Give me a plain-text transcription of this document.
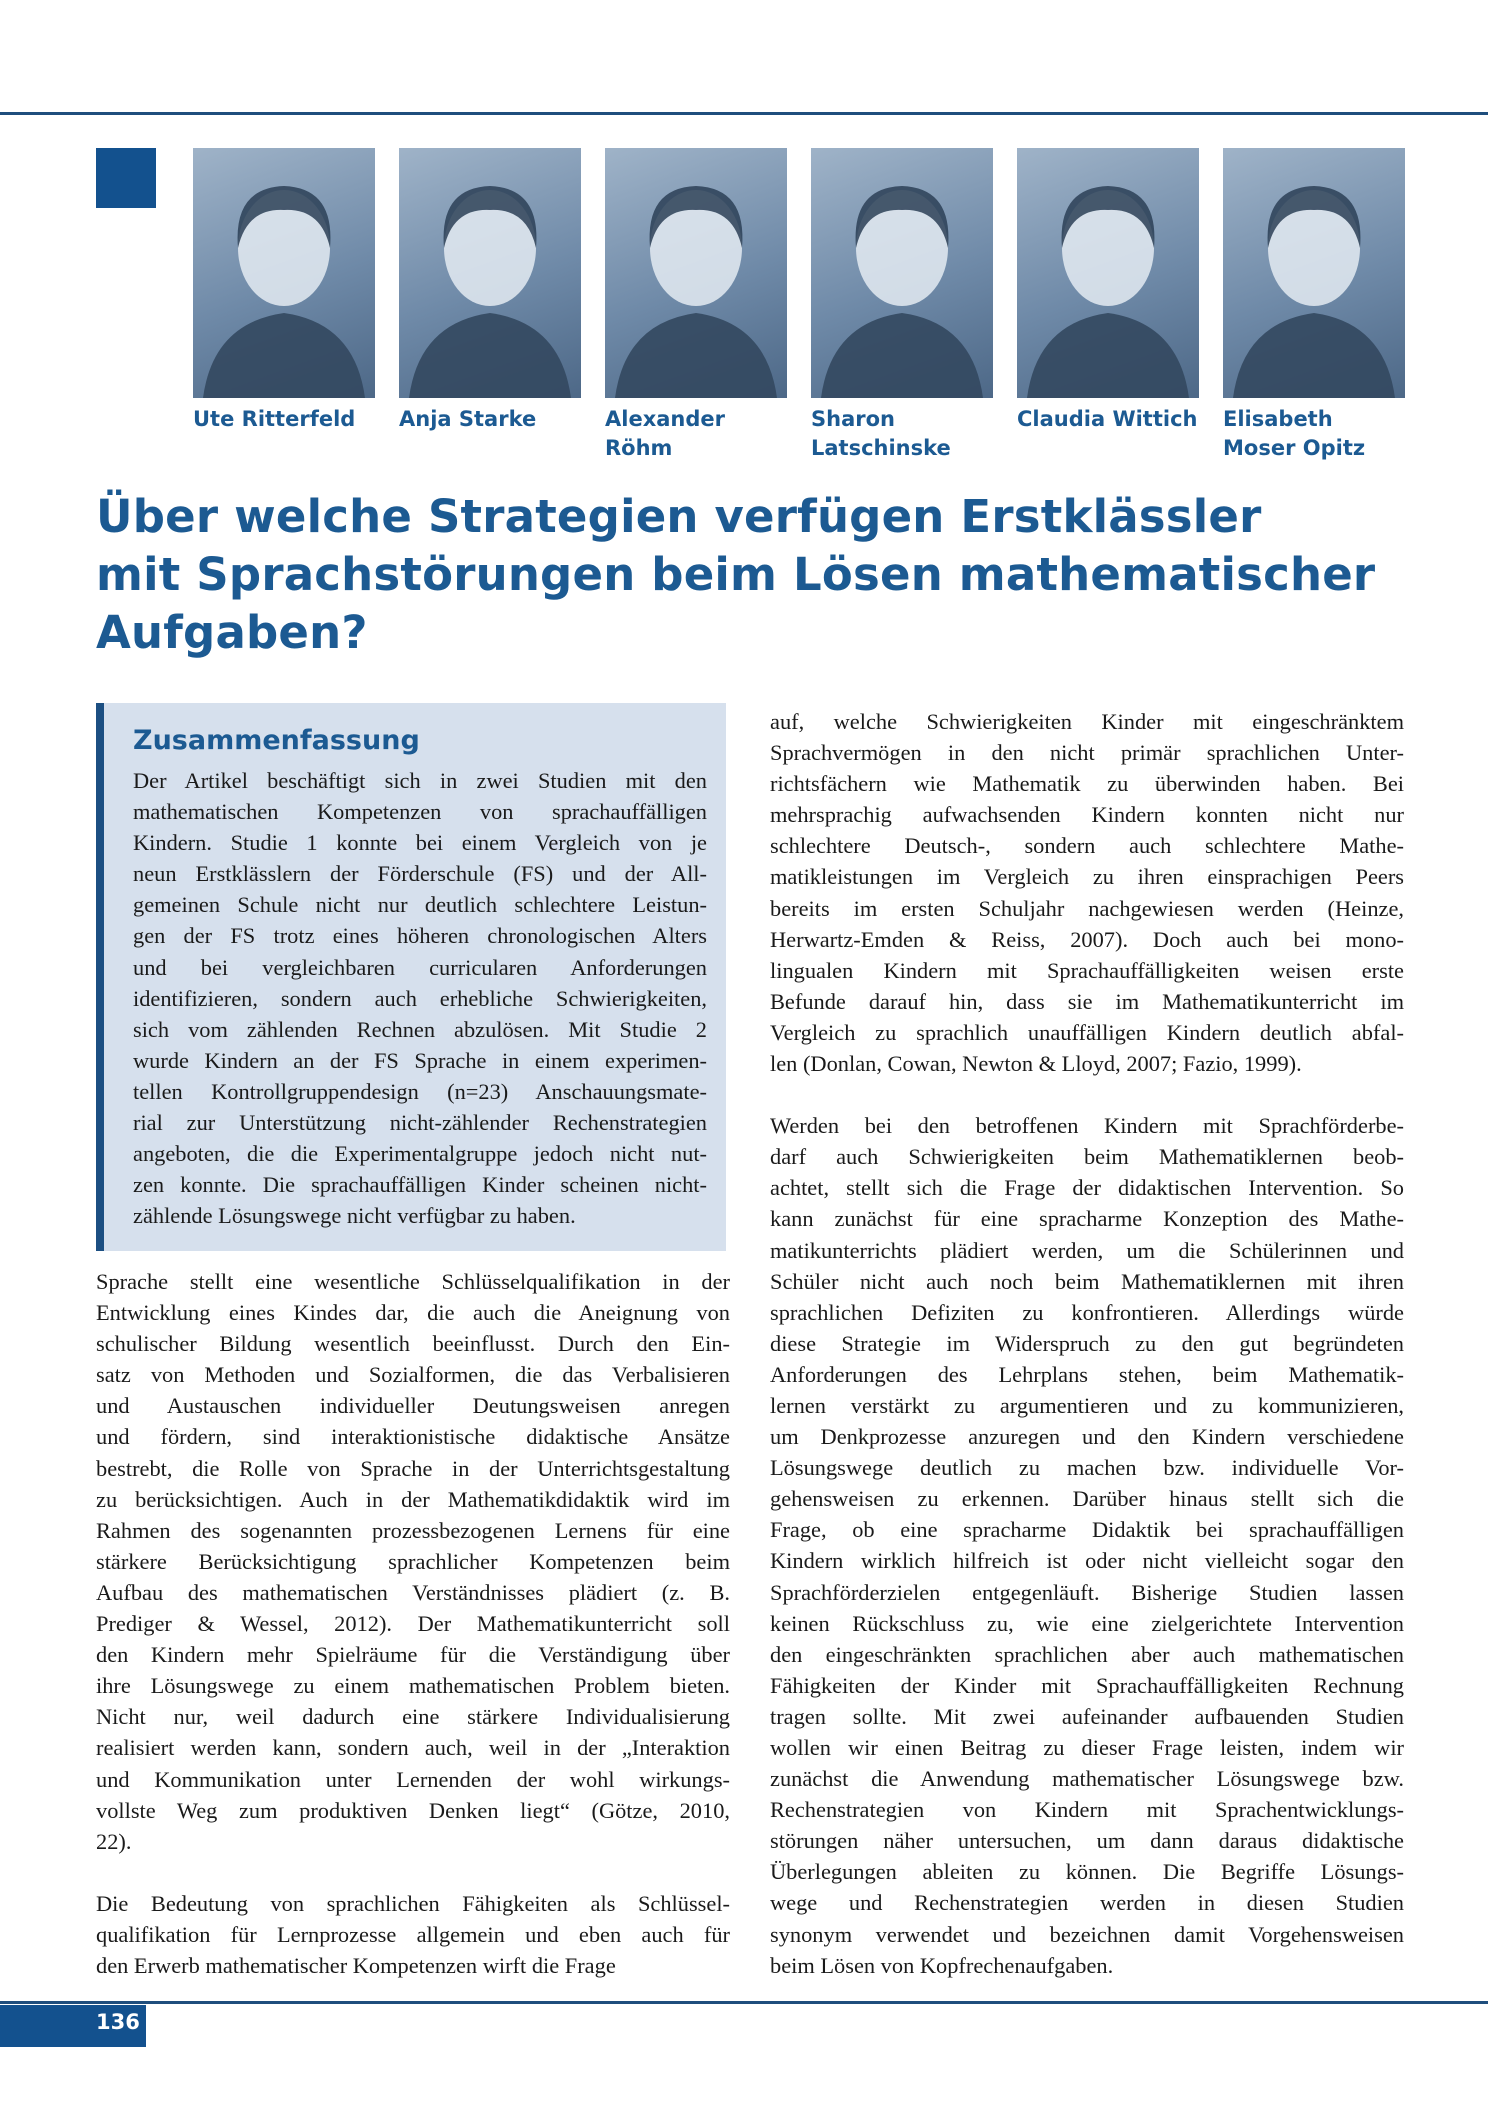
Ute Ritterfeld	Anja Starke	Alexander
Röhm
Sharon
Latschinske
Claudia Wittich	Elisabeth
Moser Opitz
Über welche Strategien verfügen Erstklässler
mit Sprachstörungen beim Lösen mathematischer
Aufgaben?
Zusammenfassung

Der Artikel beschäftigt sich in zwei Studien mit den
mathematischen Kompetenzen von sprachauffälligen
Kindern. Studie 1 konnte bei einem Vergleich von je
neun Erstklässlern der Förderschule (FS) und der All-
gemeinen Schule nicht nur deutlich schlechtere Leistun-
gen der FS trotz eines höheren chronologischen Alters
und bei vergleichbaren curricularen Anforderungen
identifizieren, sondern auch erhebliche Schwierigkeiten,
sich vom zählenden Rechnen abzulösen. Mit Studie 2
wurde Kindern an der FS Sprache in einem experimen-
tellen Kontrollgruppendesign (n=23) Anschauungsmate-
rial zur Unterstützung nicht-zählender Rechenstrategien
angeboten, die die Experimentalgruppe jedoch nicht nut-
zen konnte. Die sprachauffälligen Kinder scheinen nicht-
zählende Lösungswege nicht verfügbar zu haben.

Sprache stellt eine wesentliche Schlüsselqualifikation in der
Entwicklung eines Kindes dar, die auch die Aneignung von
schulischer Bildung wesentlich beeinflusst. Durch den Ein-
satz von Methoden und Sozialformen, die das Verbalisieren
und Austauschen individueller Deutungsweisen anregen
und fördern, sind interaktionistische didaktische Ansätze
bestrebt, die Rolle von Sprache in der Unterrichtsgestaltung
zu berücksichtigen. Auch in der Mathematikdidaktik wird im
Rahmen des sogenannten prozessbezogenen Lernens für eine
stärkere Berücksichtigung sprachlicher Kompetenzen beim
Aufbau des mathematischen Verständnisses plädiert (z. B.
Prediger & Wessel, 2012). Der Mathematikunterricht soll
den Kindern mehr Spielräume für die Verständigung über
ihre Lösungswege zu einem mathematischen Problem bieten.
Nicht nur, weil dadurch eine stärkere Individualisierung
realisiert werden kann, sondern auch, weil in der „Interaktion
und Kommunikation unter Lernenden der wohl wirkungs-
vollste Weg zum produktiven Denken liegt“ (Götze, 2010,
22).

Die Bedeutung von sprachlichen Fähigkeiten als Schlüssel-
qualifikation für Lernprozesse allgemein und eben auch für
den Erwerb mathematischer Kompetenzen wirft die Frage

auf, welche Schwierigkeiten Kinder mit eingeschränktem
Sprachvermögen in den nicht primär sprachlichen Unter-
richtsfächern wie Mathematik zu überwinden haben. Bei
mehrsprachig aufwachsenden Kindern konnten nicht nur
schlechtere Deutsch-, sondern auch schlechtere Mathe-
matikleistungen im Vergleich zu ihren einsprachigen Peers
bereits im ersten Schuljahr nachgewiesen werden (Heinze,
Herwartz-Emden & Reiss, 2007). Doch auch bei mono-
lingualen Kindern mit Sprachauffälligkeiten weisen erste
Befunde darauf hin, dass sie im Mathematikunterricht im
Vergleich zu sprachlich unauffälligen Kindern deutlich abfal-
len (Donlan, Cowan, Newton & Lloyd, 2007; Fazio, 1999).

Werden bei den betroffenen Kindern mit Sprachförderbe-
darf auch Schwierigkeiten beim Mathematiklernen beob-
achtet, stellt sich die Frage der didaktischen Intervention. So
kann zunächst für eine spracharme Konzeption des Mathe-
matikunterrichts plädiert werden, um die Schülerinnen und
Schüler nicht auch noch beim Mathematiklernen mit ihren
sprachlichen Defiziten zu konfrontieren. Allerdings würde
diese Strategie im Widerspruch zu den gut begründeten
Anforderungen des Lehrplans stehen, beim Mathematik-
lernen verstärkt zu argumentieren und zu kommunizieren,
um Denkprozesse anzuregen und den Kindern verschiedene
Lösungswege deutlich zu machen bzw. individuelle Vor-
gehensweisen zu erkennen. Darüber hinaus stellt sich die
Frage, ob eine spracharme Didaktik bei sprachauffälligen
Kindern wirklich hilfreich ist oder nicht vielleicht sogar den
Sprachförderzielen entgegenläuft. Bisherige Studien lassen
keinen Rückschluss zu, wie eine zielgerichtete Intervention
den eingeschränkten sprachlichen aber auch mathematischen
Fähigkeiten der Kinder mit Sprachauffälligkeiten Rechnung
tragen sollte. Mit zwei aufeinander aufbauenden Studien
wollen wir einen Beitrag zu dieser Frage leisten, indem wir
zunächst die Anwendung mathematischer Lösungswege bzw.
Rechenstrategien von Kindern mit Sprachentwicklungs-
störungen näher untersuchen, um dann daraus didaktische
Überlegungen ableiten zu können. Die Begriffe Lösungs-
wege und Rechenstrategien werden in diesen Studien
synonym verwendet und bezeichnen damit Vorgehensweisen
beim Lösen von Kopfrechenaufgaben.

136
